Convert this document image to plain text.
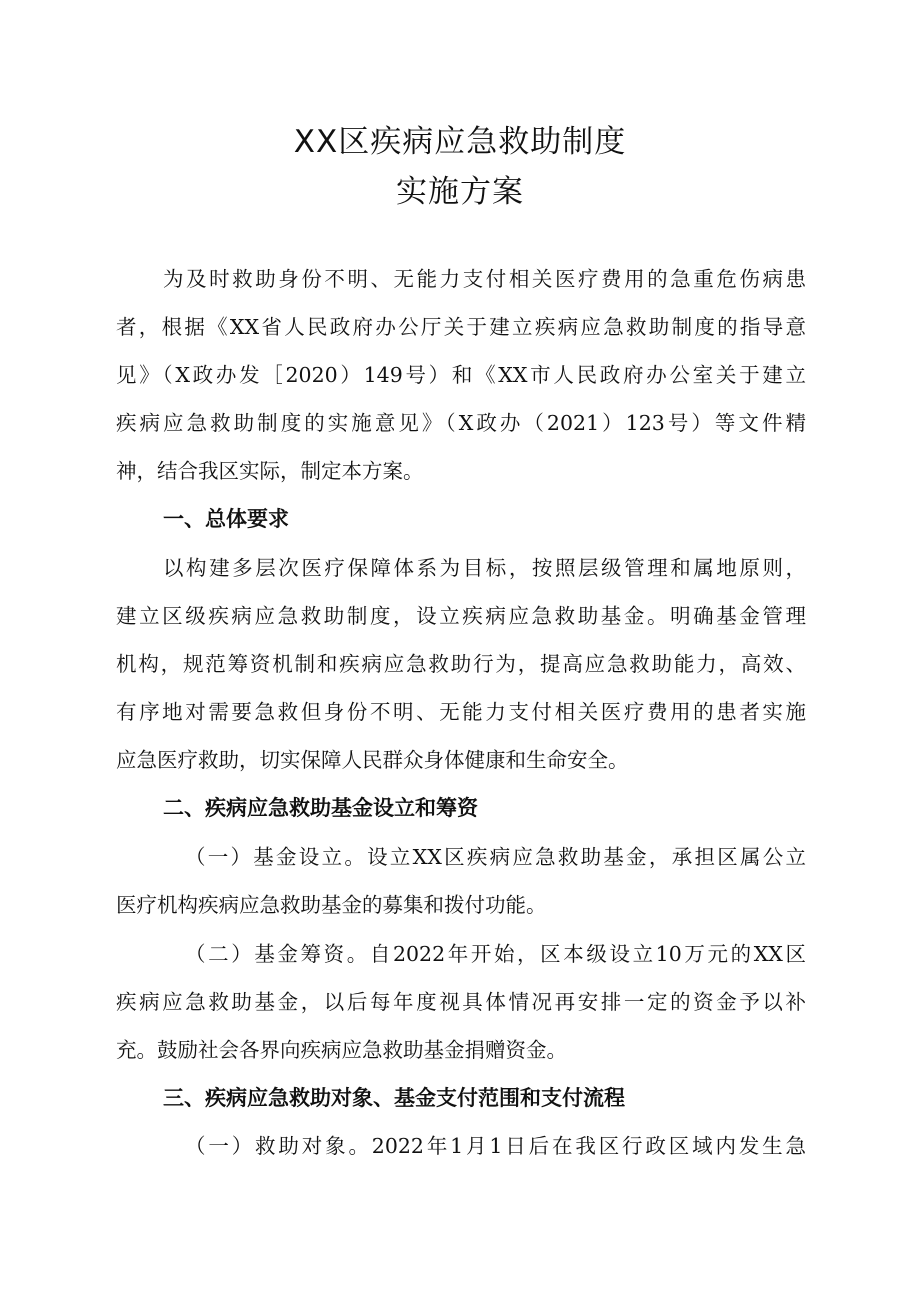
XX区疾病应急救助制度
实施方案

为及时救助身份不明、无能力支付相关医疗费用的急重危伤病患

者，根据《XX省人民政府办公厅关于建立疾病应急救助制度的指导意

见》（X政办发［2020）149号）和《XX市人民政府办公室关于建立

疾病应急救助制度的实施意见》（X政办（2021）123号）等文件精

神，结合我区实际，制定本方案。

一、总体要求

以构建多层次医疗保障体系为目标，按照层级管理和属地原则，

建立区级疾病应急救助制度，设立疾病应急救助基金。明确基金管理

机构，规范筹资机制和疾病应急救助行为，提高应急救助能力，高效、

有序地对需要急救但身份不明、无能力支付相关医疗费用的患者实施

应急医疗救助，切实保障人民群众身体健康和生命安全。

二、疾病应急救助基金设立和筹资

（一）基金设立。设立XX区疾病应急救助基金，承担区属公立

医疗机构疾病应急救助基金的募集和拨付功能。

（二）基金筹资。自2022年开始，区本级设立10万元的XX区

疾病应急救助基金，以后每年度视具体情况再安排一定的资金予以补

充。鼓励社会各界向疾病应急救助基金捐赠资金。

三、疾病应急救助对象、基金支付范围和支付流程

（一）救助对象。2022年1月1日后在我区行政区域内发生急
